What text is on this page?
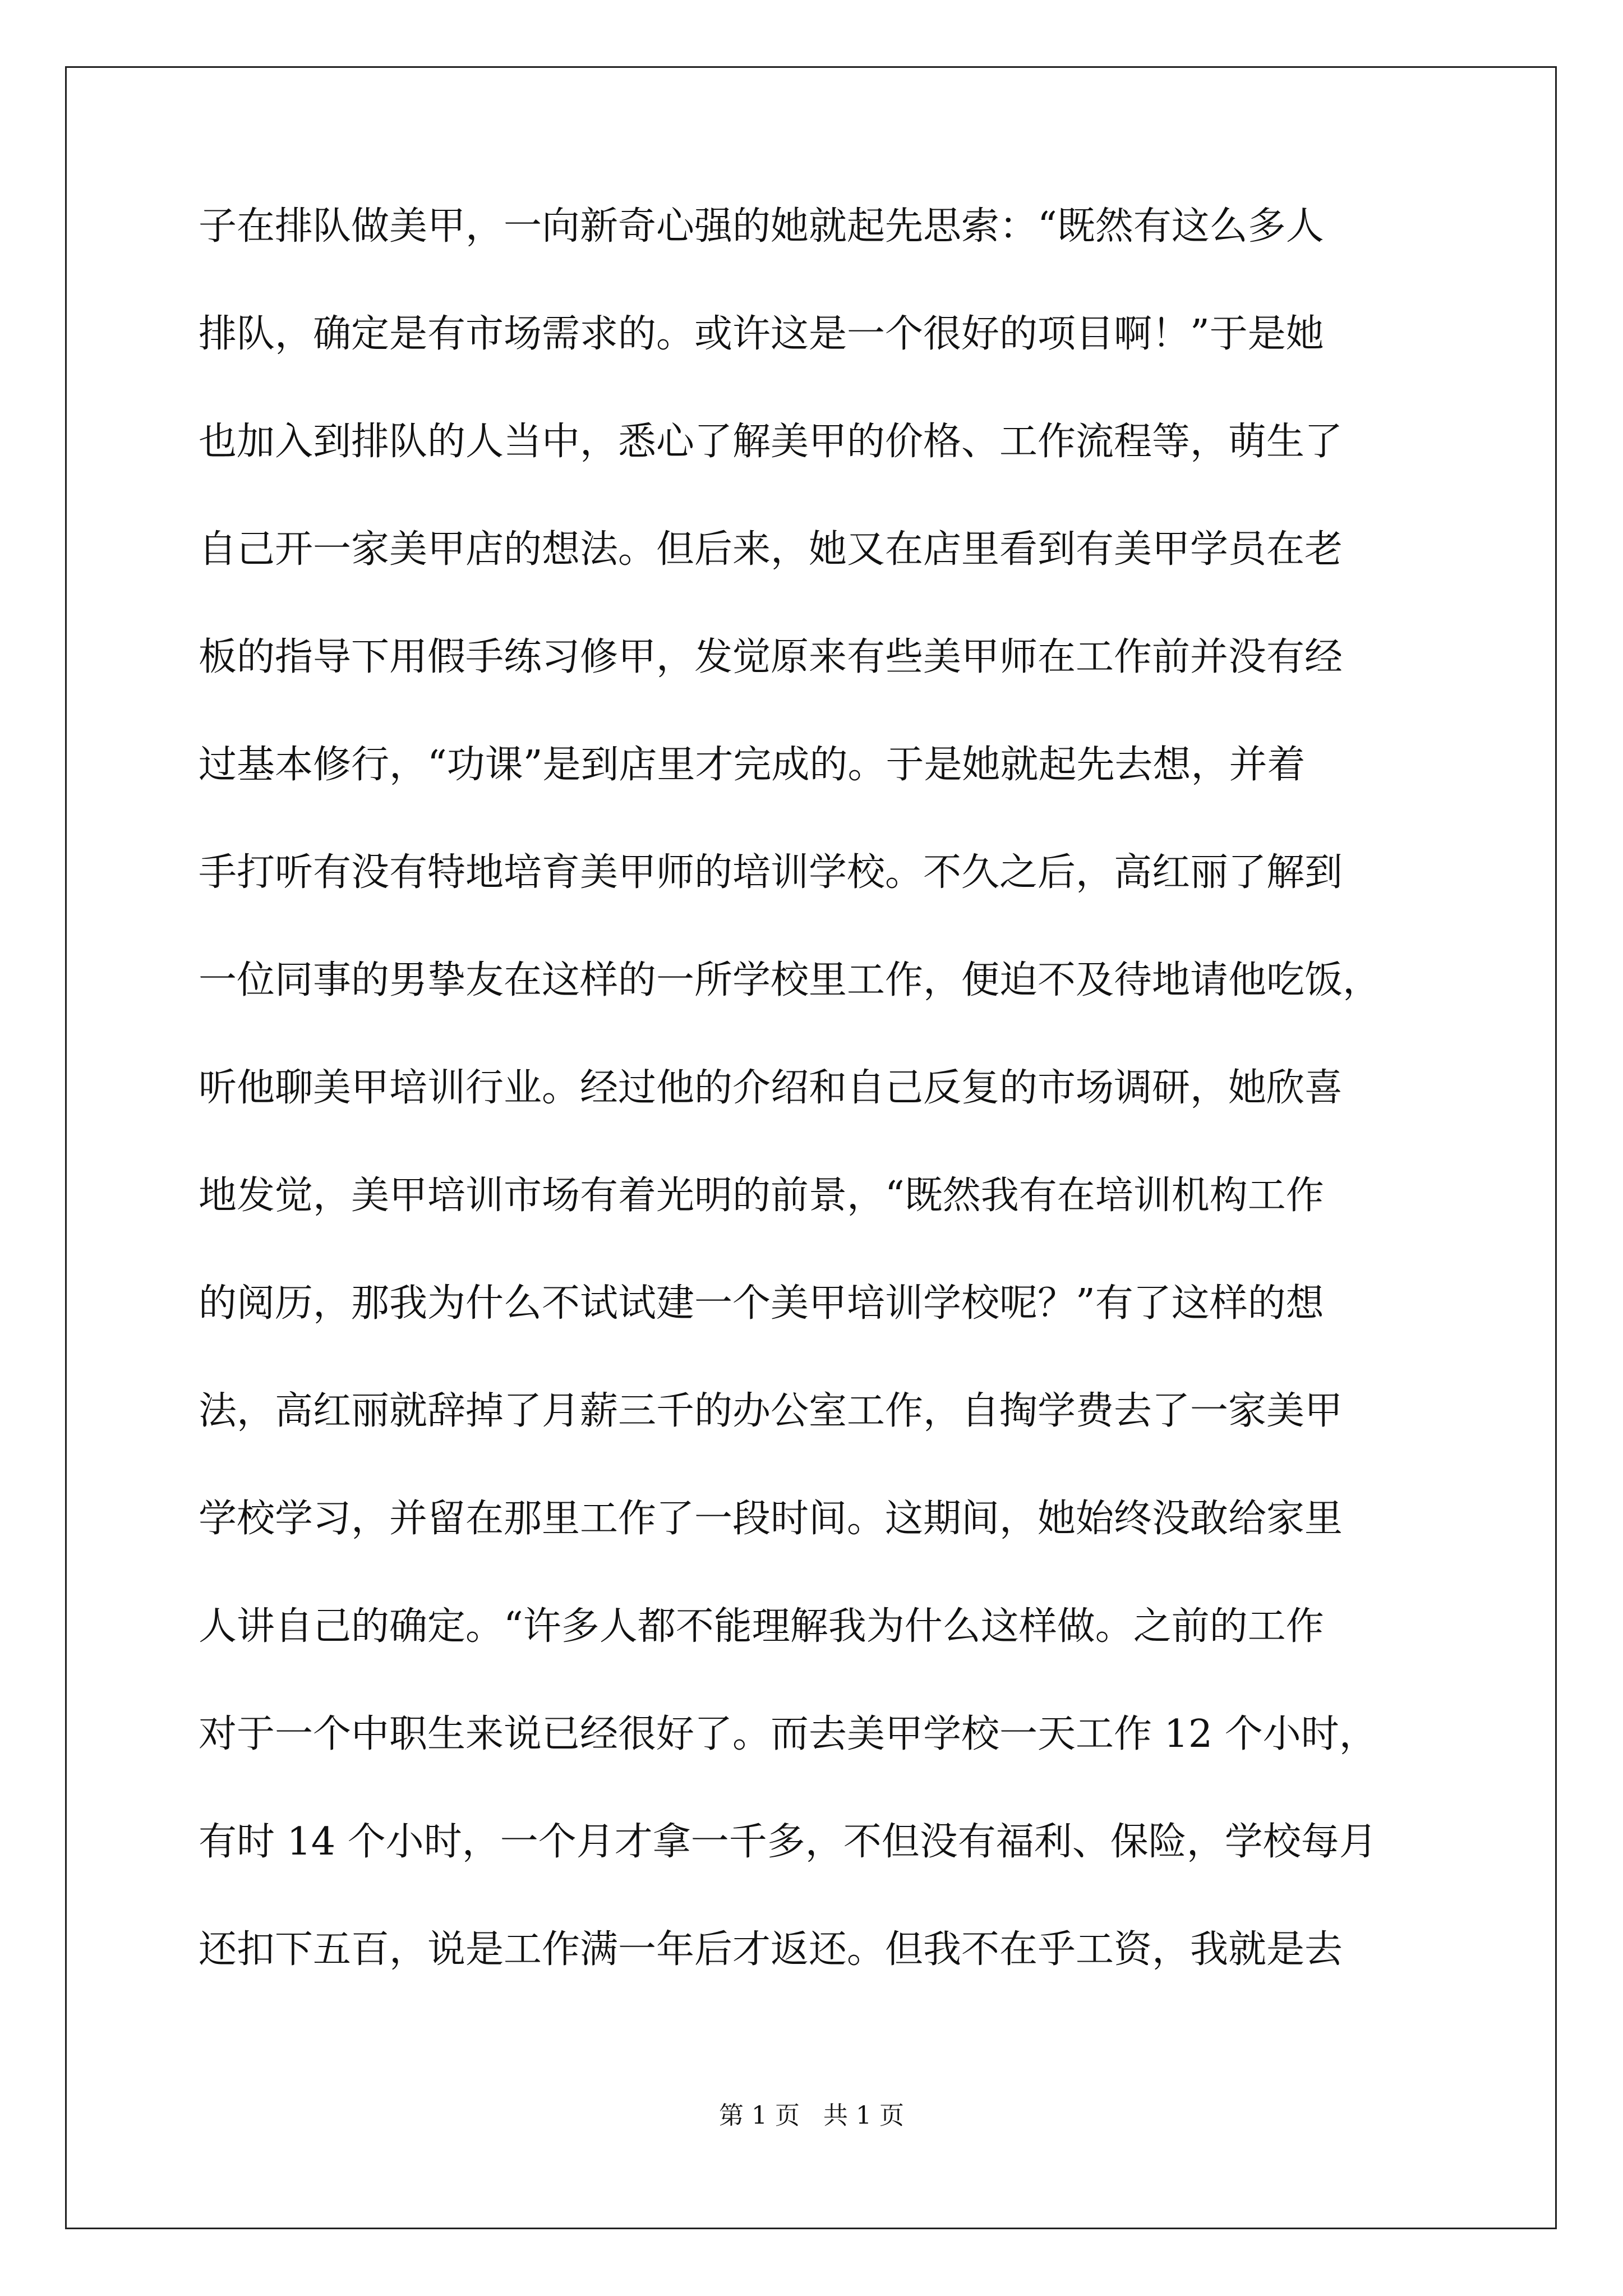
子在排队做美甲，一向新奇心强的她就起先思索：“既然有这么多人
排队，确定是有市场需求的。或许这是一个很好的项目啊！”于是她
也加入到排队的人当中，悉心了解美甲的价格、工作流程等，萌生了
自己开一家美甲店的想法。但后来，她又在店里看到有美甲学员在老
板的指导下用假手练习修甲，发觉原来有些美甲师在工作前并没有经
过基本修行，“功课”是到店里才完成的。于是她就起先去想，并着
手打听有没有特地培育美甲师的培训学校。不久之后，高红丽了解到
一位同事的男挚友在这样的一所学校里工作，便迫不及待地请他吃饭，
听他聊美甲培训行业。经过他的介绍和自己反复的市场调研，她欣喜
地发觉，美甲培训市场有着光明的前景，“既然我有在培训机构工作
的阅历，那我为什么不试试建一个美甲培训学校呢？”有了这样的想
法，高红丽就辞掉了月薪三千的办公室工作，自掏学费去了一家美甲
学校学习，并留在那里工作了一段时间。这期间，她始终没敢给家里
人讲自己的确定。“许多人都不能理解我为什么这样做。之前的工作
对于一个中职生来说已经很好了。而去美甲学校一天工作 12 个小时，
有时 14 个小时，一个月才拿一千多，不但没有福利、保险，学校每月
还扣下五百，说是工作满一年后才返还。但我不在乎工资，我就是去
第 1 页 共 1 页
